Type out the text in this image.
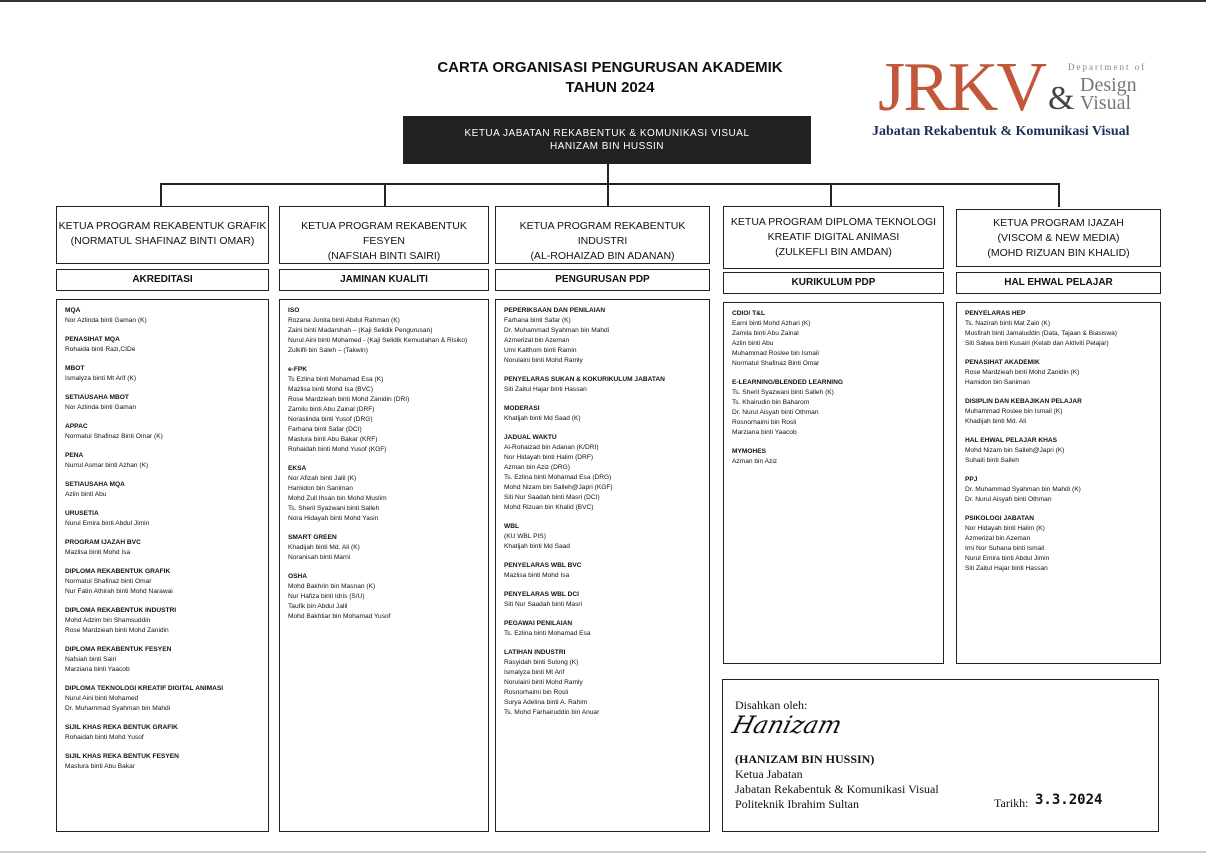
CARTA ORGANISASI PENGURUSAN AKADEMIK
TAHUN 2024	JRKV	Department of
& Design
Visual
Jabatan Rekabentuk & Komunikasi Visual
KETUA JABATAN REKABENTUK & KOMUNIKASI VISUAL
HANIZAM BIN HUSSIN
KETUA PROGRAM REKABENTUK GRAFIK
(NORMATUL SHAFINAZ BINTI OMAR)
AKREDITASI
MQA
Nor Azlinda binti Gaman (K)
PENASIHAT MQA
Rohaida binti Razi,CIDe
MBOT
Ismalyza binti Mt Arif (K)
SETIAUSAHA MBOT
Nor Azlinda binti Gaman
APPAC
Normatul Shafinaz Binti Omar (K)
PENA
Nurrul Asmar binti Azhan (K)
SETIAUSAHA MQA
Azlin binti Abu
URUSETIA
Nurul Emira binti Abdul Jimin
PROGRAM IJAZAH BVC
Mazlisa binti Mohd Isa
DIPLOMA REKABENTUK GRAFIK
Normatul Shafinaz binti Omar
Nur Fatin Athirah binti Mohd Narawai
DIPLOMA REKABENTUK INDUSTRI
Mohd Adzim bin Shamsuddin
Rose Mardzieah binti Mohd Zanidin
DIPLOMA REKABENTUK FESYEN
Nafsiah binti Sairi
Marziana binti Yaacob
DIPLOMA TEKNOLOGI KREATIF DIGITAL ANIMASI
Nurul Aini binti Mohamed
Dr. Muhammad Syahman bin Mahdi
SIJIL KHAS REKA BENTUK GRAFIK
Rohaidah binti Mohd Yusof
SIJIL KHAS REKA BENTUK FESYEN
Mastura binti Abu Bakar
KETUA PROGRAM REKABENTUK FESYEN
(NAFSIAH BINTI SAIRI)
JAMINAN KUALITI
ISO
Rozana Junita binti Abdul Rahman (K)
Zaini binti Madarshah – (Kaji Selidik Pengurusan)
Nurul Aini binti Mohamed - (Kaji Selidik Kemudahan & Risiko)
Zulkifli bin Saleh – (Takwin)
e-FPK
Ts Ezlina binti Mohamad Esa (K)
Mazlisa binti Mohd Isa (BVC)
Rose Mardzieah binti Mohd Zanidin (DRI)
Zamilu binti Abu Zainal (DRF)
Noraslinda binti Yusof (DRG)
Farhana binti Safar (DCI)
Mastura binti Abu Bakar (KRF)
Rohaidah binti Mohd Yusof (KGF)
EKSA
Nor Afizah binti Jalil (K)
Hamidon bin Saniman
Mohd Zull Ihsan bin Mohd Muslim
Ts. Sheril Syazwani binti Salleh
Nora Hidayah binti Mohd Yasin
SMART GREEN
Khadijah binti Md. Ali (K)
Noranisah binti Marni
OSHA
Mohd Bakhrin bin Masnan (K)
Nur Hafiza binti Idris (S/U)
Taufik bin Abdul Jalil
Mohd Bakhtiar bin Mohamad Yusof
KETUA PROGRAM REKABENTUK INDUSTRI
(AL-ROHAIZAD BIN ADANAN)
PENGURUSAN PDP
PEPERIKSAAN DAN PENILAIAN
Farhana binti Safar (K)
Dr. Muhammad Syahman bin Mahdi
Azmerizal bin Azeman
Umi Kalthom binti Ramin
Norulaini binti Mohd Ramly
PENYELARAS SUKAN & KOKURIKULUM JABATAN
Siti Zaitul Hajar binti Hassan
MODERASI
Khatijah binti Md Saad (K)
JADUAL WAKTU
Al-Rohaizad bin Adanan (K/DRI)
Nor Hidayah binti Halim (DRF)
Azman bin Aziz (DRG)
Ts. Ezlina binti Mohamad Esa (DRG)
Mohd Nizam bin Salleh@Japri (KGF)
Siti Nur Saadah binti Masri (DCI)
Mohd Rizuan bin Khalid (BVC)
WBL
(KU WBL PIS)
Khatijah binti Md Saad
PENYELARAS WBL BVC
Mazlisa binti Mohd Isa
PENYELARAS WBL DCI
Siti Nur Saadah binti Masri
PEGAWAI PENILAIAN
Ts. Ezlina binti Mohamad Esa
LATIHAN INDUSTRI
Rasyidah binti Sulong (K)
Ismalyza binti Mt Arif
Norulaini binti Mohd Ramly
Rosnorhaimi bin Rosli
Surya Adelina binti A. Rahim
Ts. Mohd Farhairuddin bin Anuar
KETUA PROGRAM DIPLOMA TEKNOLOGI
KREATIF DIGITAL ANIMASI
(ZULKEFLI BIN AMDAN)
KURIKULUM PDP
CDIO/ T&L
Earni binti Mohd Azhari (K)
Zamila binti Abu Zainal
Azlin binti Abu
Muhammad Roslee bin Ismail
Normatul Shafinaz Binti Omar
E-LEARNING/BLENDED LEARNING
Ts. Sheril Syazwani binti Salleh (K)
Ts. Khairudin bin Baharom
Dr. Nurul Aisyah binti Othman
Rosnorhaimi bin Rosli
Marziana binti Yaacob
MYMOHES
Azman bin Aziz
KETUA PROGRAM IJAZAH
(VISCOM & NEW MEDIA)
(MOHD RIZUAN BIN KHALID)
HAL EHWAL PELAJAR
PENYELARAS HEP
Ts. Nazirah binti Mat Zain (K)
Musfirah binti Jamaluddin (Data, Tajaan & Biasiswa)
Siti Salwa binti Kusairi (Kelab dan Aktiviti Pelajar)
PENASIHAT AKADEMIK
Rose Mardzieah binti Mohd Zanidin (K)
Hamidon bin Saniman
DISIPLIN DAN KEBAJIKAN PELAJAR
Muhammad Roslee bin Ismail (K)
Khadijah binti Md. Ali
HAL EHWAL PELAJAR KHAS
Mohd Nizam bin Salleh@Japri (K)
Suhaili binti Salleh
PPJ
Dr. Muhammad Syahman bin Mahdi (K)
Dr. Nurul Aisyah binti Othman
PSIKOLOGI JABATAN
Nor Hidayah binti Halim (K)
Azmerizal bin Azeman
Irni Nor Suhana binti Ismail
Nurul Emira binti Abdul Jimin
Siti Zaitul Hajar binti Hassan
Disahkan oleh:
Hanizam
(HANIZAM BIN HUSSIN)
Ketua Jabatan
Jabatan Rekabentuk & Komunikasi Visual
Politeknik Ibrahim Sultan	Tarikh: 3.3.2024
